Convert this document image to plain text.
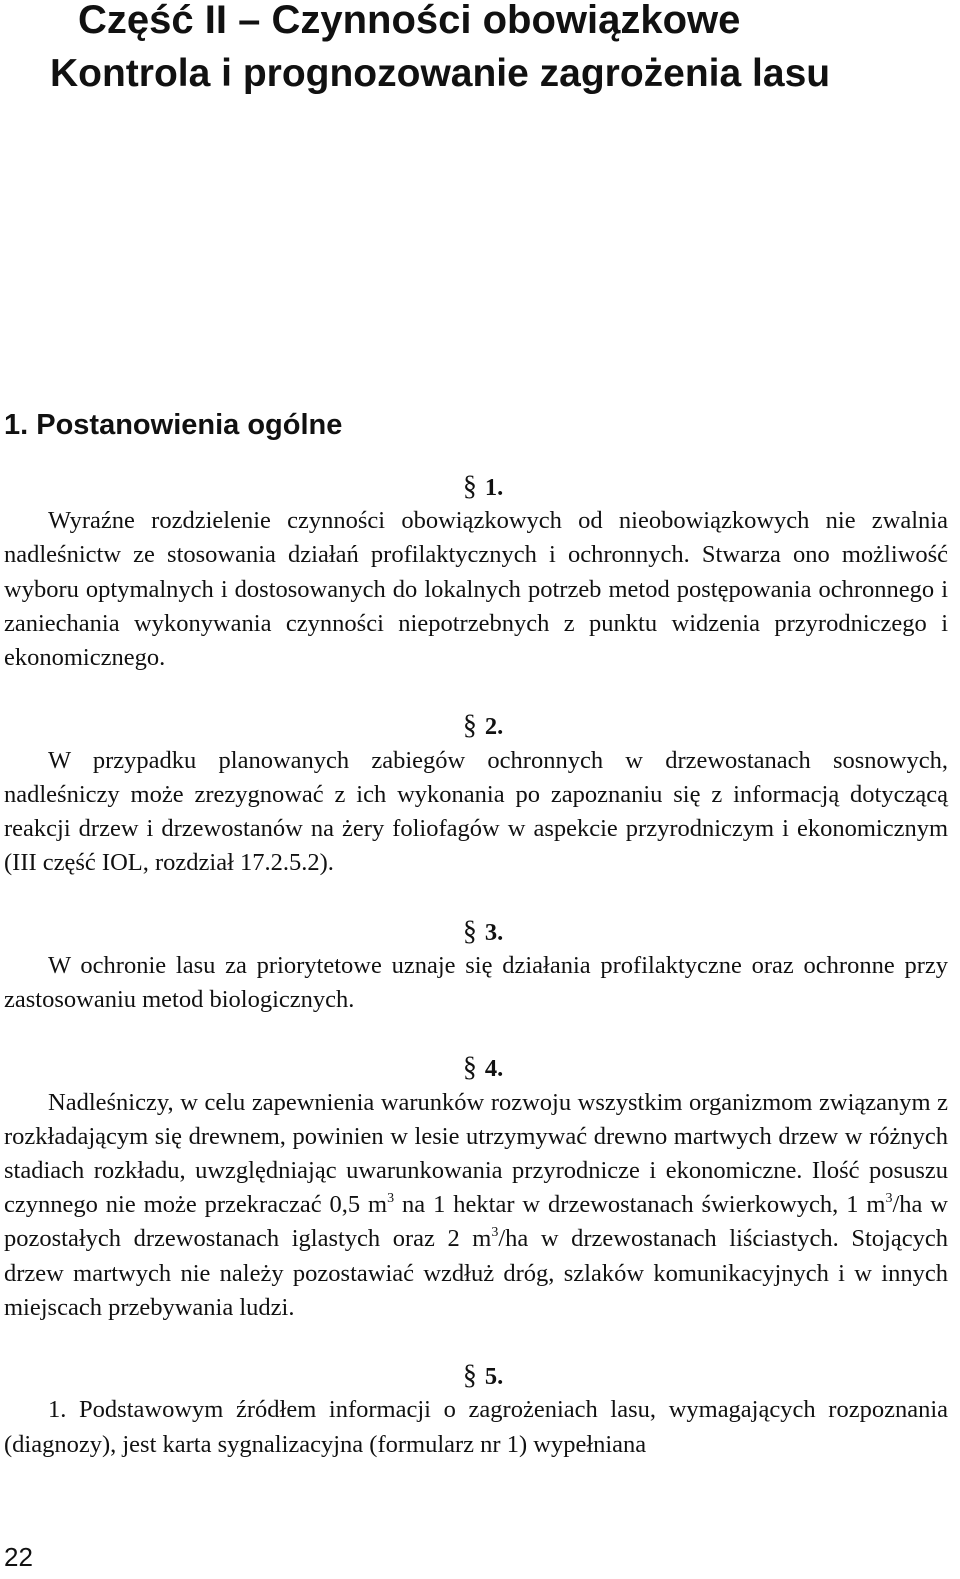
Część II – Czynności obowiązkowe
Kontrola i prognozowanie zagrożenia lasu
1. Postanowienia ogólne

§ 1.

Wyraźne rozdzielenie czynności obowiązkowych od nieobowiązkowych nie zwalnia nadleśnictw ze stosowania działań profilaktycznych i ochronnych. Stwarza ono możliwość wyboru optymalnych i dostosowanych do lokalnych potrzeb metod postępowania ochronnego i zaniechania wykonywania czynności niepotrzebnych z punktu widzenia przyrodniczego i ekonomicznego.

§ 2.

W przypadku planowanych zabiegów ochronnych w drzewostanach sosnowych, nadleśniczy może zrezygnować z ich wykonania po zapoznaniu się z informacją dotyczącą reakcji drzew i drzewostanów na żery foliofagów w aspekcie przyrodniczym i ekonomicznym (III część IOL, rozdział 17.2.5.2).

§ 3.

W ochronie lasu za priorytetowe uznaje się działania profilaktyczne oraz ochronne przy zastosowaniu metod biologicznych.

§ 4.

Nadleśniczy, w celu zapewnienia warunków rozwoju wszystkim organizmom związanym z rozkładającym się drewnem, powinien w lesie utrzymywać drewno martwych drzew w różnych stadiach rozkładu, uwzględniając uwarunkowania przyrodnicze i ekonomiczne. Ilość posuszu czynnego nie może przekraczać 0,5 $m^3$ na 1 hektar w drzewostanach świerkowych, 1 $m^3/ha$ w pozostałych drzewostanach iglastych oraz 2 $m^3/ha$ w drzewostanach liściastych. Stojących drzew martwych nie należy pozostawiać wzdłuż dróg, szlaków komunikacyjnych i w innych miejscach przebywania ludzi.

§ 5.

1. Podstawowym źródłem informacji o zagrożeniach lasu, wymagających rozpoznania (diagnozy), jest karta sygnalizacyjna (formularz nr 1) wypełniana

22
